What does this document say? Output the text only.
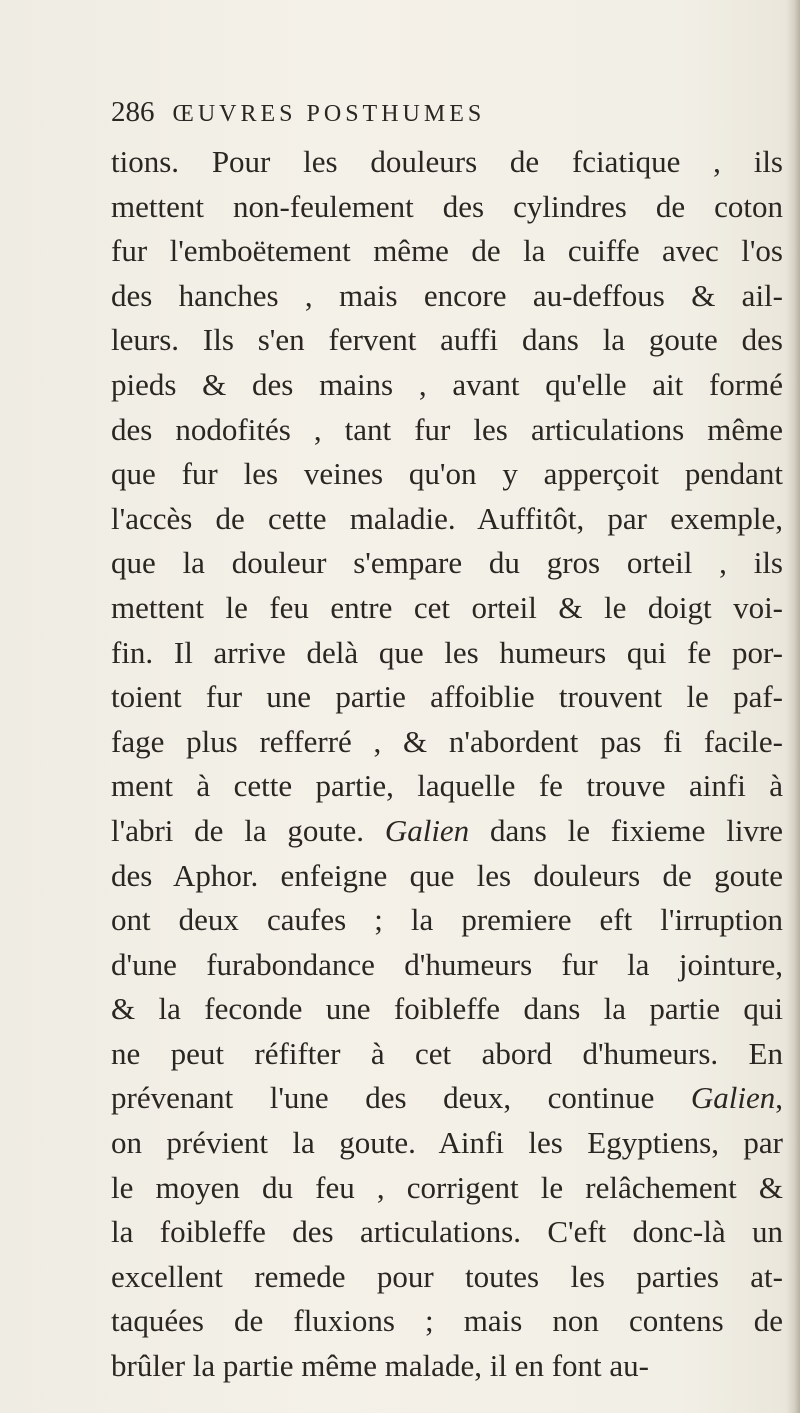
286 ŒUVRES POSTHUMES
tions. Pour les douleurs de fciatique , ils
mettent non-feulement des cylindres de coton
fur l'emboëtement même de la cuiffe avec l'os
des hanches , mais encore au-deffous & ail-
leurs. Ils s'en fervent auffi dans la goute des
pieds & des mains , avant qu'elle ait formé
des nodofités , tant fur les articulations même
que fur les veines qu'on y apperçoit pendant
l'accès de cette maladie. Auffitôt, par exemple,
que la douleur s'empare du gros orteil , ils
mettent le feu entre cet orteil & le doigt voi-
fin. Il arrive delà que les humeurs qui fe por-
toient fur une partie affoiblie trouvent le paf-
fage plus refferré , & n'abordent pas fi facile-
ment à cette partie, laquelle fe trouve ainfi à
l'abri de la goute. Galien dans le fixieme livre
des Aphor. enfeigne que les douleurs de goute
ont deux caufes ; la premiere eft l'irruption
d'une furabondance d'humeurs fur la jointure,
& la feconde une foibleffe dans la partie qui
ne peut réfifter à cet abord d'humeurs. En
prévenant l'une des deux, continue Galien,
on prévient la goute. Ainfi les Egyptiens, par
le moyen du feu , corrigent le relâchement &
la foibleffe des articulations. C'eft donc-là un
excellent remede pour toutes les parties at-
taquées de fluxions ; mais non contens de
brûler la partie même malade, il en font au-
